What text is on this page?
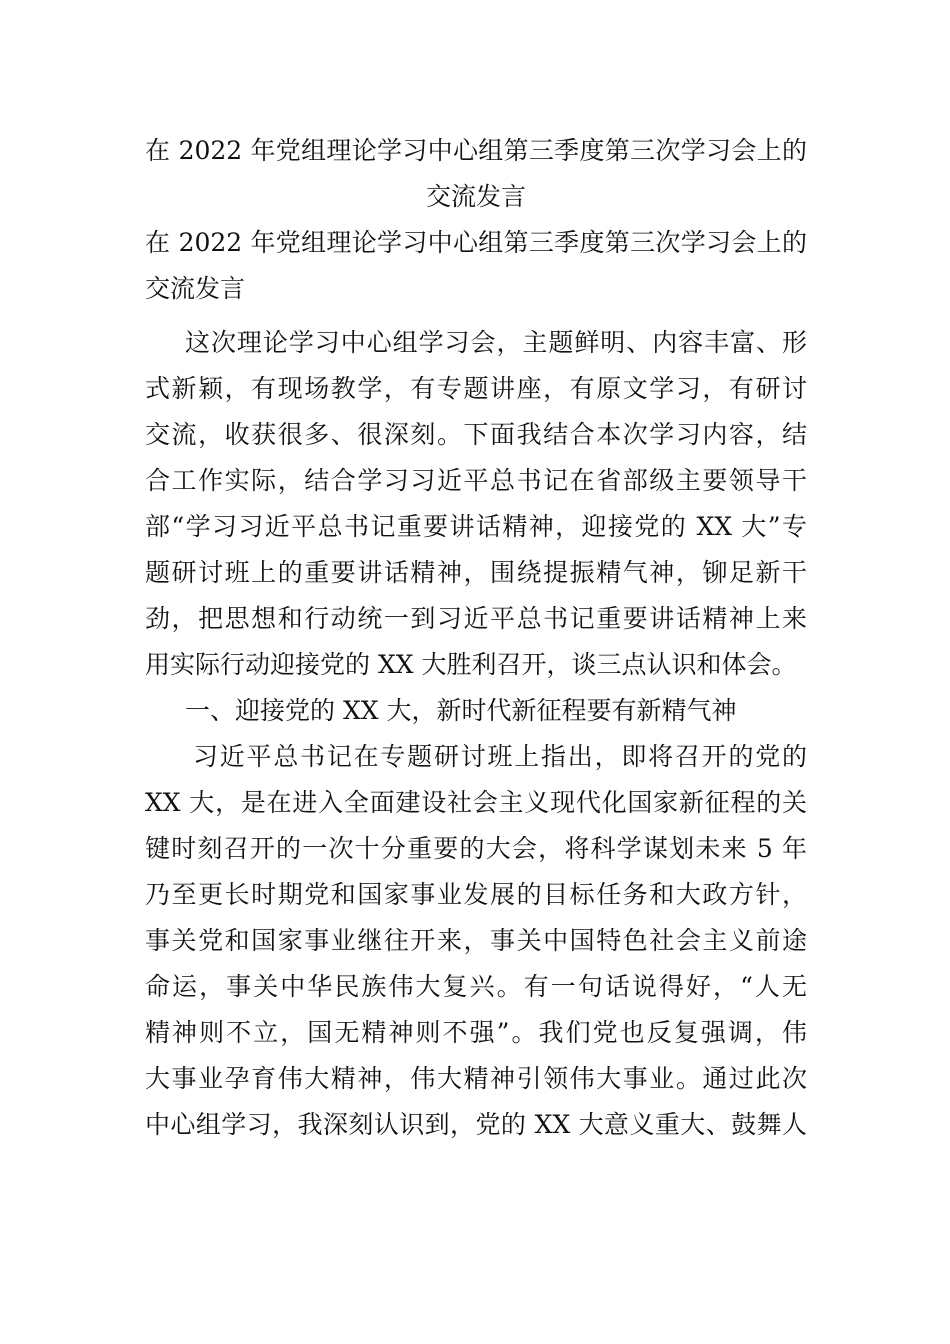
在 2022 年党组理论学习中心组第三季度第三次学习会上的
交流发言
在 2022 年党组理论学习中心组第三季度第三次学习会上的
交流发言
这次理论学习中心组学习会，主题鲜明、内容丰富、形
式新颖，有现场教学，有专题讲座，有原文学习，有研讨
交流，收获很多、很深刻。下面我结合本次学习内容，结
合工作实际，结合学习习近平总书记在省部级主要领导干
部“学习习近平总书记重要讲话精神，迎接党的 XX 大”专
题研讨班上的重要讲话精神，围绕提振精气神，铆足新干
劲，把思想和行动统一到习近平总书记重要讲话精神上来
用实际行动迎接党的 XX 大胜利召开，谈三点认识和体会。
一、迎接党的 XX 大，新时代新征程要有新精气神
习近平总书记在专题研讨班上指出，即将召开的党的
XX 大，是在进入全面建设社会主义现代化国家新征程的关
键时刻召开的一次十分重要的大会，将科学谋划未来 5 年
乃至更长时期党和国家事业发展的目标任务和大政方针，
事关党和国家事业继往开来，事关中国特色社会主义前途
命运，事关中华民族伟大复兴。有一句话说得好，“人无
精神则不立，国无精神则不强”。我们党也反复强调，伟
大事业孕育伟大精神，伟大精神引领伟大事业。通过此次
中心组学习，我深刻认识到，党的 XX 大意义重大、鼓舞人
